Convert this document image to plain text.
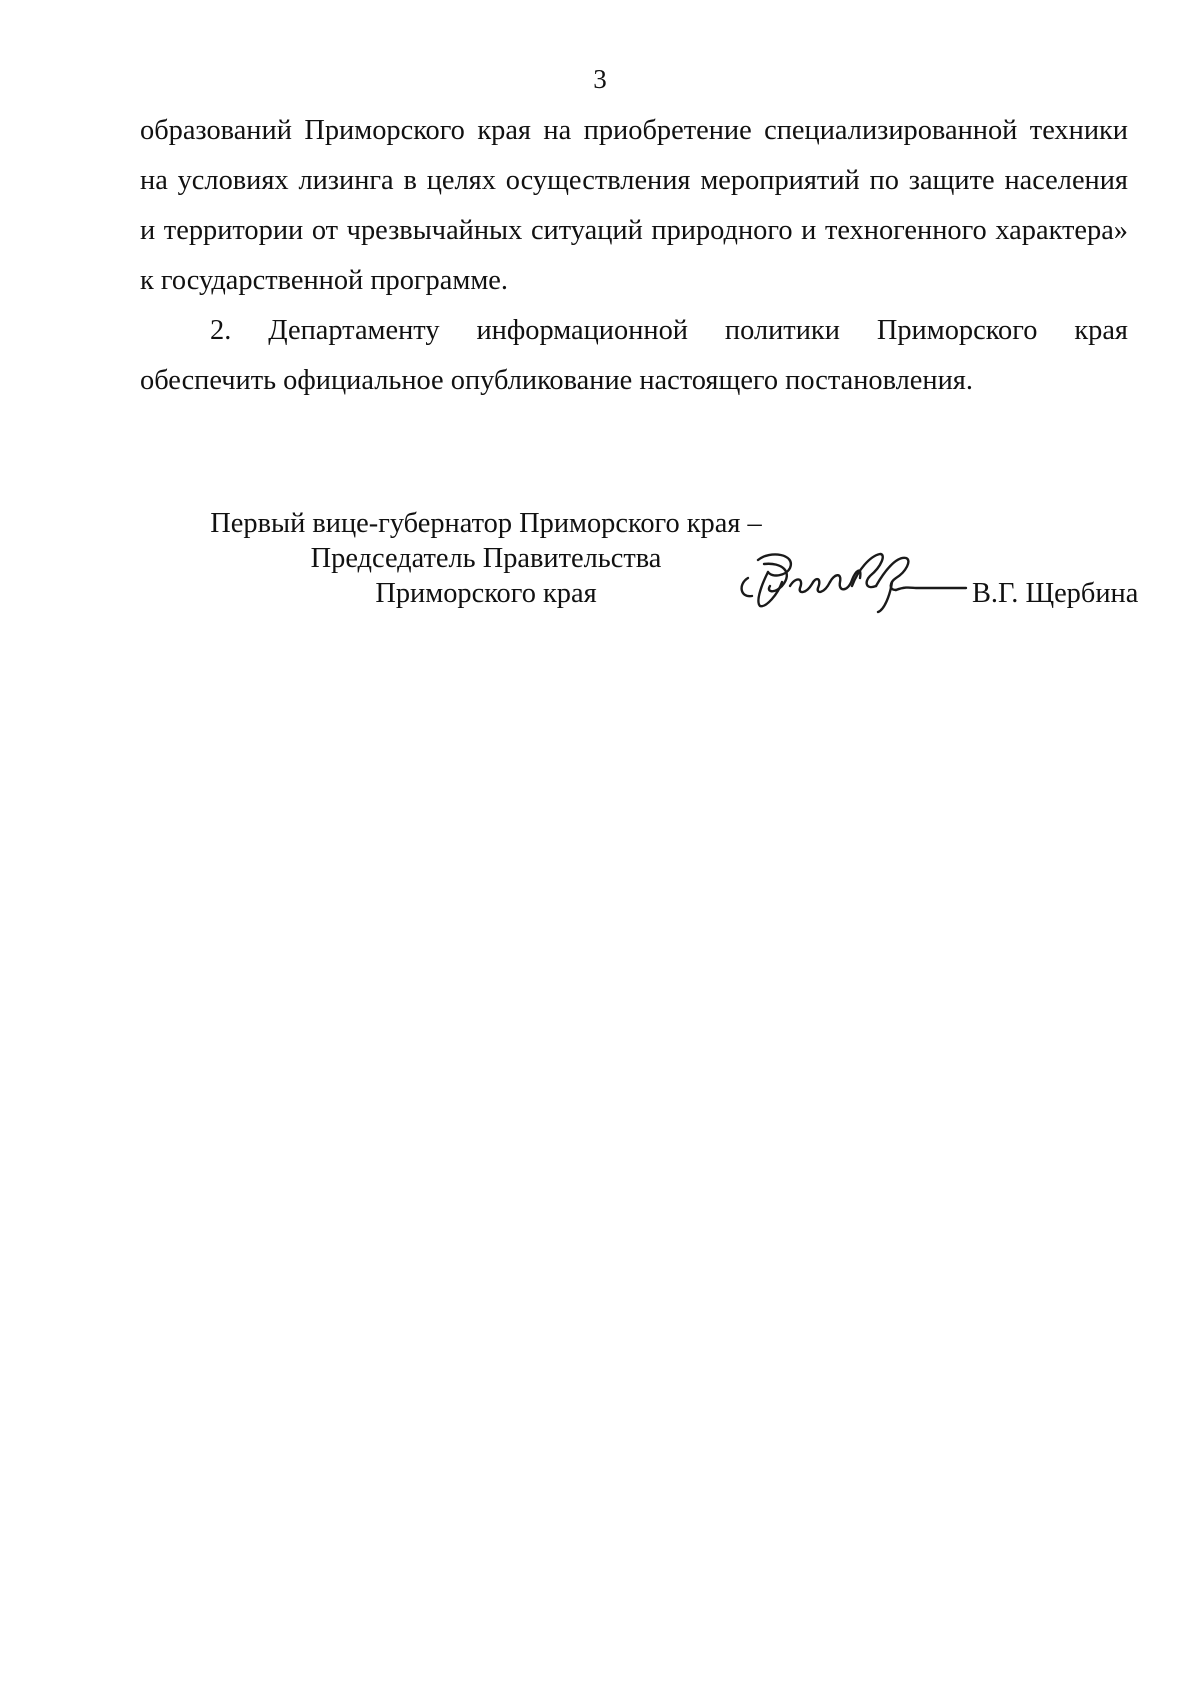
3
образований Приморского края на приобретение специализированной техники
на условиях лизинга в целях осуществления мероприятий по защите населения
и территории от чрезвычайных ситуаций природного и техногенного характера»
к государственной программе.
2. Департаменту информационной политики Приморского края
обеспечить официальное опубликование настоящего постановления.
Первый вице-губернатор Приморского края –
Председатель Правительства
Приморского края	В.Г. Щербина
